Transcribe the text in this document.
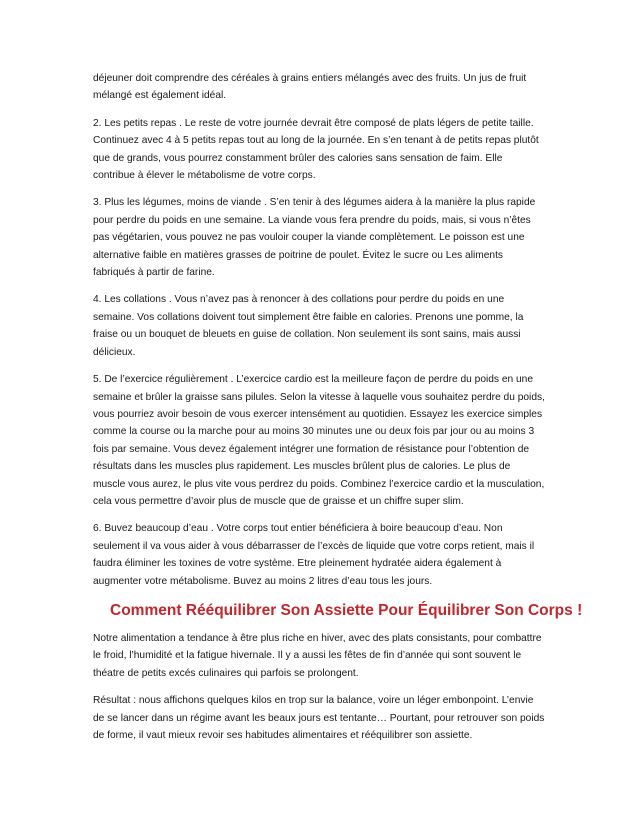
déjeuner doit comprendre des céréales à grains entiers mélangés avec des fruits. Un jus de fruit mélangé est également idéal.

2. Les petits repas . Le reste de votre journée devrait être composé de plats légers de petite taille. Continuez avec 4 à 5 petits repas tout au long de la journée. En s’en tenant à de petits repas plutôt que de grands, vous pourrez constamment brûler des calories sans sensation de faim. Elle contribue à élever le métabolisme de votre corps.

3. Plus les légumes, moins de viande . S’en tenir à des légumes aidera à la manière la plus rapide pour perdre du poids en une semaine. La viande vous fera prendre du poids, mais, si vous n’êtes pas végétarien, vous pouvez ne pas vouloir couper la viande complètement. Le poisson est une alternative faible en matières grasses de poitrine de poulet. Évitez le sucre ou Les aliments fabriqués à partir de farine.

4. Les collations . Vous n’avez pas à renoncer à des collations pour perdre du poids en une semaine. Vos collations doivent tout simplement être faible en calories. Prenons une pomme, la fraise ou un bouquet de bleuets en guise de collation. Non seulement ils sont sains, mais aussi délicieux.

5. De l’exercice régulièrement . L’exercice cardio est la meilleure façon de perdre du poids en une semaine et brûler la graisse sans pilules. Selon la vitesse à laquelle vous souhaitez perdre du poids, vous pourriez avoir besoin de vous exercer intensément au quotidien. Essayez les exercice simples comme la course ou la marche pour au moins 30 minutes une ou deux fois par jour ou au moins 3 fois par semaine. Vous devez également intégrer une formation de résistance pour l’obtention de résultats dans les muscles plus rapidement. Les muscles brûlent plus de calories. Le plus de muscle vous aurez, le plus vite vous perdrez du poids. Combinez l’exercice cardio et la musculation, cela vous permettre d’avoir plus de muscle que de graisse et un chiffre super slim.

6. Buvez beaucoup d’eau . Votre corps tout entier bénéficiera à boire beaucoup d’eau. Non seulement il va vous aider à vous débarrasser de l’excès de liquide que votre corps retient, mais il faudra éliminer les toxines de votre système. Etre pleinement hydratée aidera également à augmenter votre métabolisme. Buvez au moins 2 litres d’eau tous les jours.

Comment Rééquilibrer Son Assiette Pour Équilibrer Son Corps !

Notre alimentation a tendance à être plus riche en hiver, avec des plats consistants, pour combattre le froid, l’humidité et la fatigue hivernale. Il y a aussi les fêtes de fin d’année qui sont souvent le théatre de petits excés culinaires qui parfois se prolongent.

Résultat : nous affichons quelques kilos en trop sur la balance, voire un léger embonpoint. L’envie de se lancer dans un régime avant les beaux jours est tentante… Pourtant, pour retrouver son poids de forme, il vaut mieux revoir ses habitudes alimentaires et rééquilibrer son assiette.
